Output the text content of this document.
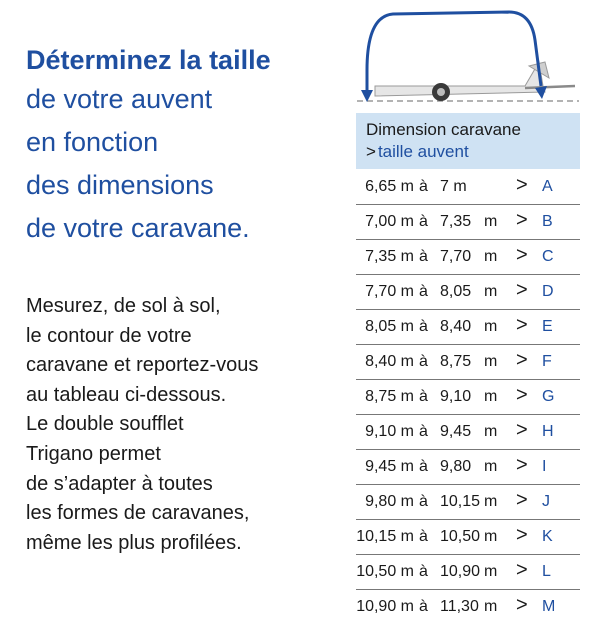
Déterminez la taille

de votre auvent

en fonction

des dimensions

de votre caravane.

Mesurez, de sol à sol,

le contour de votre

caravane et reportez-vous

au tableau ci-dessous.

Le double soufflet

Trigano permet

de s’adapter à toutes

les formes de caravanes,

même les plus profilées.

Dimension caravane

> taille auvent

6,65 m à 7 m > A
7,00 m à 7,35 m > B
7,35 m à 7,70 m > C
7,70 m à 8,05 m > D
8,05 m à 8,40 m > E
8,40 m à 8,75 m > F
8,75 m à 9,10 m > G
9,10 m à 9,45 m > H
9,45 m à 9,80 m > I
9,80 m à 10,15 m > J
10,15 m à 10,50 m > K
10,50 m à 10,90 m > L
10,90 m à 11,30 m > M
